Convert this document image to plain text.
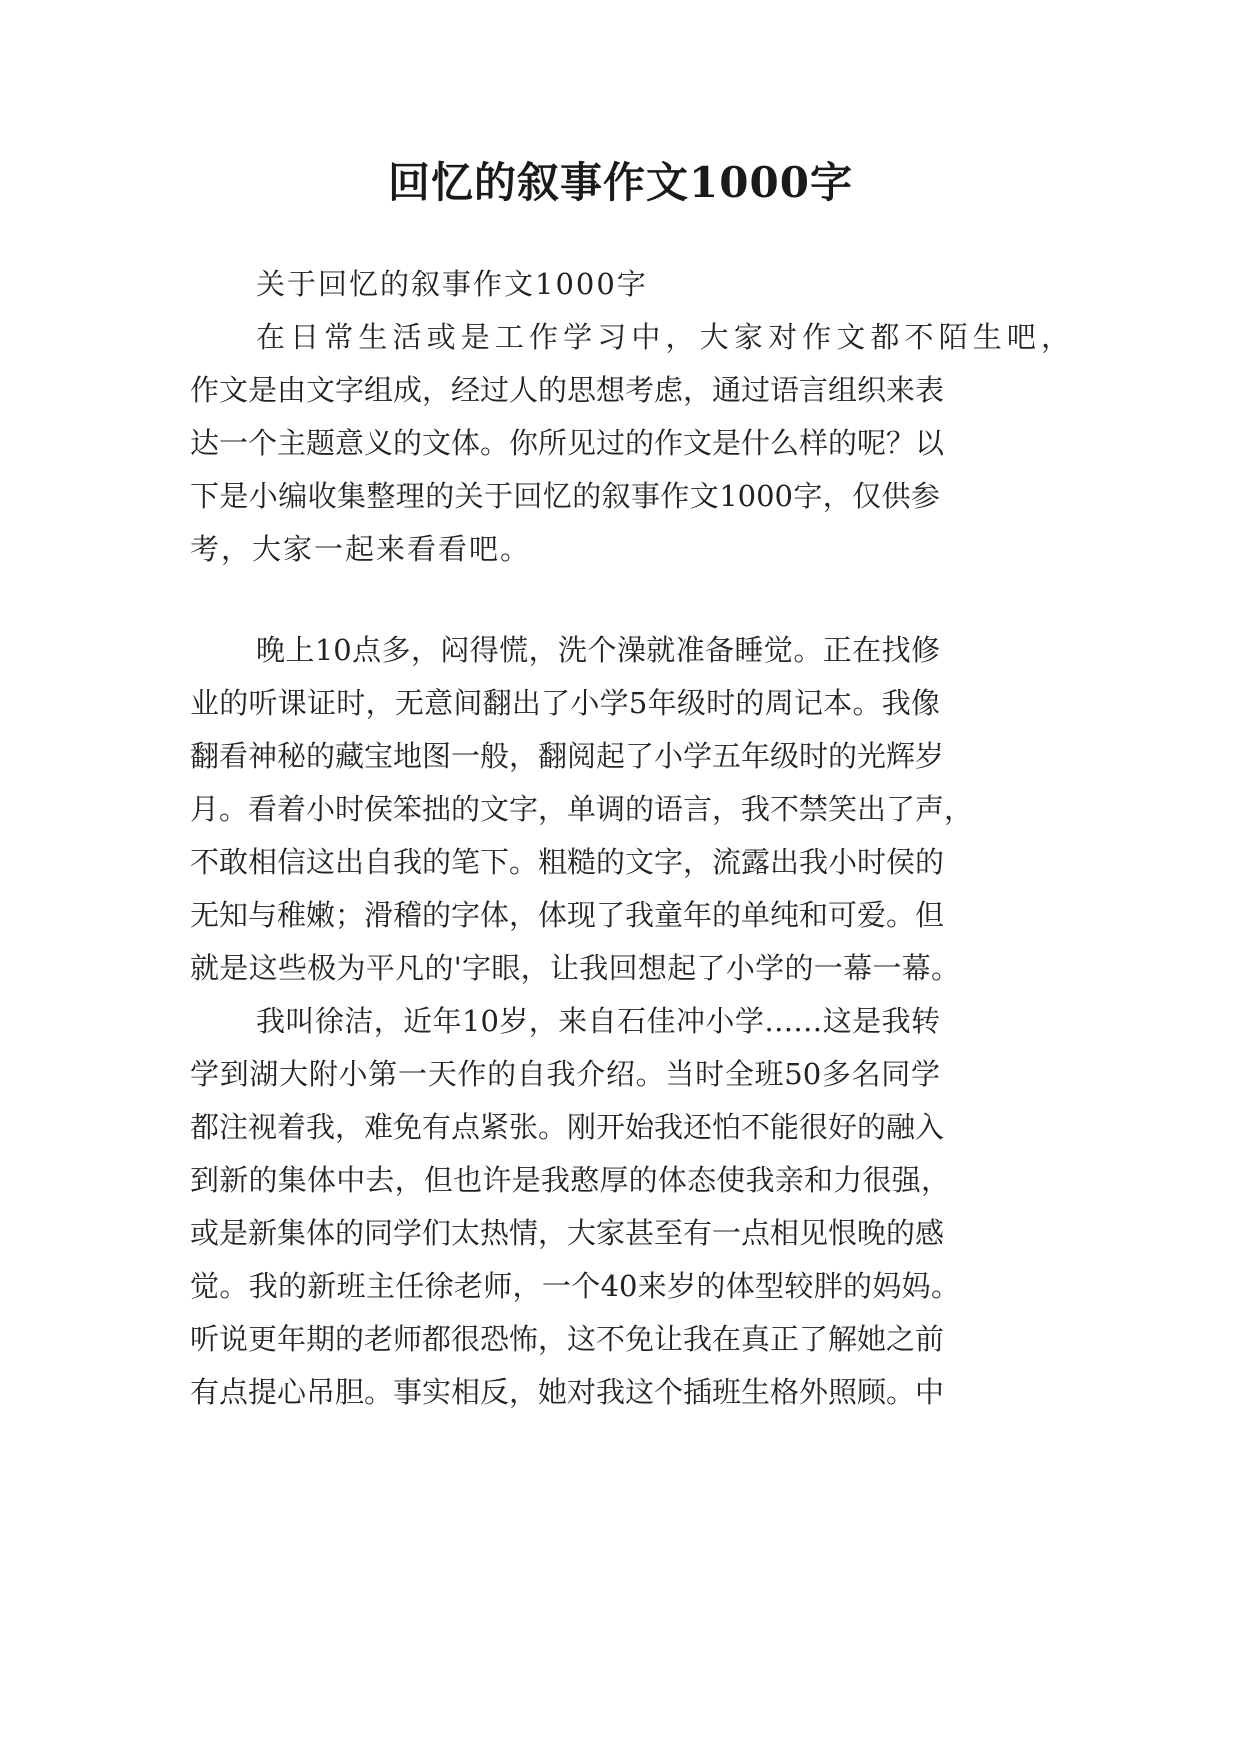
回忆的叙事作文1000字
关于回忆的叙事作文1000字
在日常生活或是工作学习中，大家对作文都不陌生吧，
作文是由文字组成，经过人的思想考虑，通过语言组织来表
达一个主题意义的文体。你所见过的作文是什么样的呢？以
下是小编收集整理的关于回忆的叙事作文1000字，仅供参
考，大家一起来看看吧。
晚上10点多，闷得慌，洗个澡就准备睡觉。正在找修
业的听课证时，无意间翻出了小学5年级时的周记本。我像
翻看神秘的藏宝地图一般，翻阅起了小学五年级时的光辉岁
月。看着小时侯笨拙的文字，单调的语言，我不禁笑出了声，
不敢相信这出自我的笔下。粗糙的文字，流露出我小时侯的
无知与稚嫩；滑稽的字体，体现了我童年的单纯和可爱。但
就是这些极为平凡的'字眼，让我回想起了小学的一幕一幕。
我叫徐洁，近年10岁，来自石佳冲小学……这是我转
学到湖大附小第一天作的自我介绍。当时全班50多名同学
都注视着我，难免有点紧张。刚开始我还怕不能很好的融入
到新的集体中去，但也许是我憨厚的体态使我亲和力很强，
或是新集体的同学们太热情，大家甚至有一点相见恨晚的感
觉。我的新班主任徐老师，一个40来岁的体型较胖的妈妈。
听说更年期的老师都很恐怖，这不免让我在真正了解她之前
有点提心吊胆。事实相反，她对我这个插班生格外照顾。中
